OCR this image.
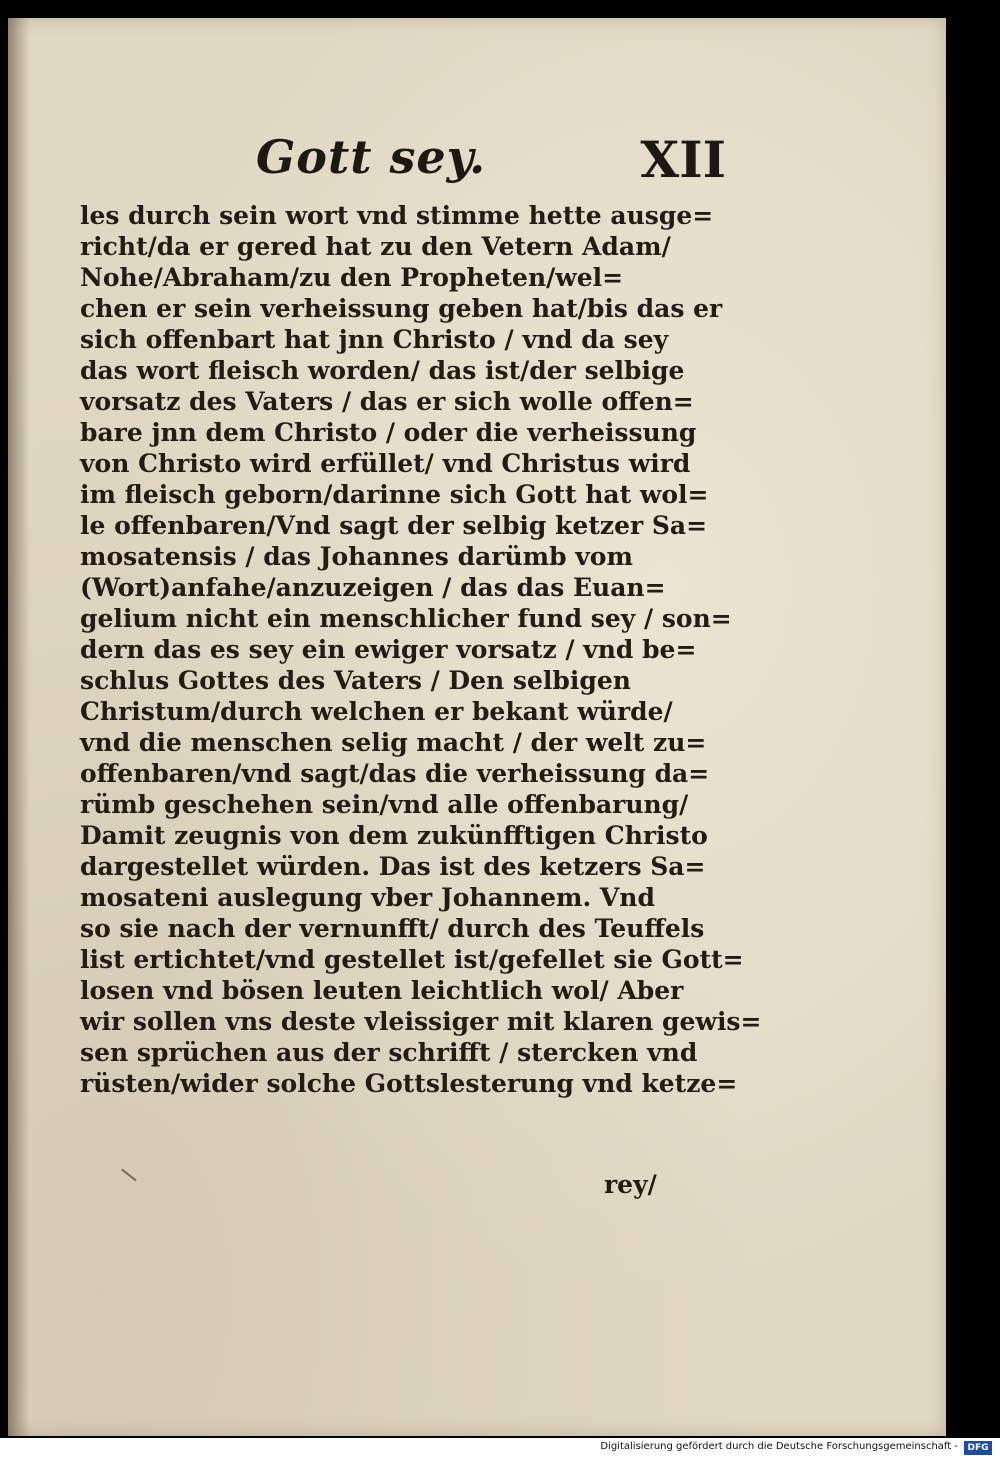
Gott sey.	XII
les durch sein wort vnd stimme hette ausge=
richt/da er gered hat zu den Vetern Adam/
Nohe/Abraham/zu den Propheten/wel=
chen er sein verheissung geben hat/bis das er
sich offenbart hat jnn Christo / vnd da sey
das wort fleisch worden/ das ist/der selbige
vorsatz des Vaters / das er sich wolle offen=
bare jnn dem Christo / oder die verheissung
von Christo wird erfüllet/ vnd Christus wird
im fleisch geborn/darinne sich Gott hat wol=
le offenbaren/Vnd sagt der selbig ketzer Sa=
mosatensis / das Johannes darümb vom
(Wort)anfahe/anzuzeigen / das das Euan=
gelium nicht ein menschlicher fund sey / son=
dern das es sey ein ewiger vorsatz / vnd be=
schlus Gottes des Vaters / Den selbigen
Christum/durch welchen er bekant würde/
vnd die menschen selig macht / der welt zu=
offenbaren/vnd sagt/das die verheissung da=
rümb geschehen sein/vnd alle offenbarung/
Damit zeugnis von dem zukünfftigen Christo
dargestellet würden. Das ist des ketzers Sa=
mosateni auslegung vber Johannem. Vnd
so sie nach der vernunfft/ durch des Teuffels
list ertichtet/vnd gestellet ist/gefellet sie Gott=
losen vnd bösen leuten leichtlich wol/ Aber
wir sollen vns deste vleissiger mit klaren gewis=
sen sprüchen aus der schrifft / stercken vnd
rüsten/wider solche Gottslesterung vnd ketze=
rey/
Digitalisierung gefördert durch die Deutsche Forschungsgemeinschaft -	DFG
